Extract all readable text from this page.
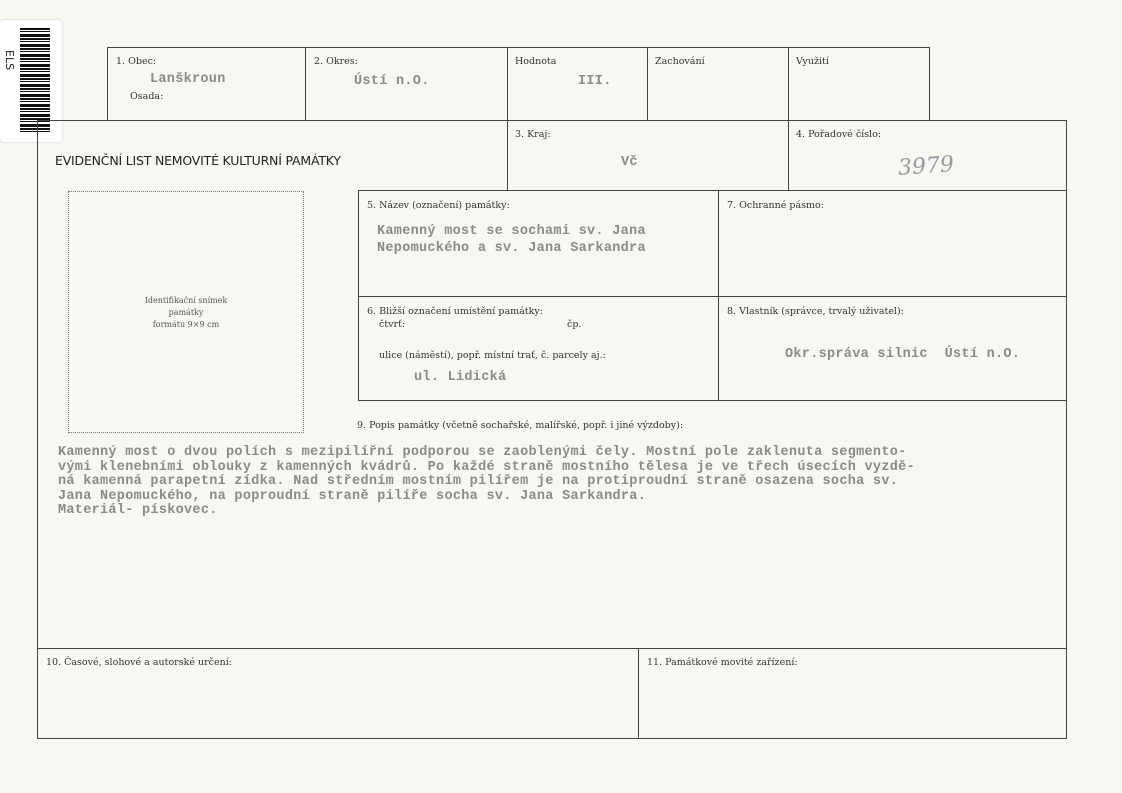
ELS	1. Obec:
Lanškroun
Osada:
2. Okres:
Ústí n.O.
Hodnota
III.
Zachování	Využití
EVIDENČNÍ LIST NEMOVITÉ KULTURNÍ PAMÁTKY
3. Kraj:
Vč
4. Pořadové číslo:
3979
Identifikační snímek
památky
formátu 9×9 cm
5. Název (označení) památky:
Kamenný most se sochami sv. Jana
Nepomuckého a sv. Jana Sarkandra
7. Ochranné pásmo:
6. Bližší označení umístění památky:
čtvrť:	čp.
ulice (náměstí), popř. místní trať, č. parcely aj.:
ul. Lidická
8. Vlastník (správce, trvalý uživatel):
Okr.správa silnic  Ústí n.O.
9. Popis památky (včetně sochařské, malířské, popř. i jiné výzdoby):
Kamenný most o dvou polích s mezipilířní podporou se zaoblenými čely. Mostní pole zaklenuta segmento-
vými klenebními oblouky z kamenných kvádrů. Po každé straně mostního tělesa je ve třech úsecích vyzdě-
ná kamenná parapetní zídka. Nad středním mostním pilířem je na protiproudní straně osazena socha sv.
Jana Nepomuckého, na poproudní straně pilíře socha sv. Jana Sarkandra.
Materiál- pískovec.
10. Časové, slohové a autorské určení:	11. Památkové movité zařízení:
